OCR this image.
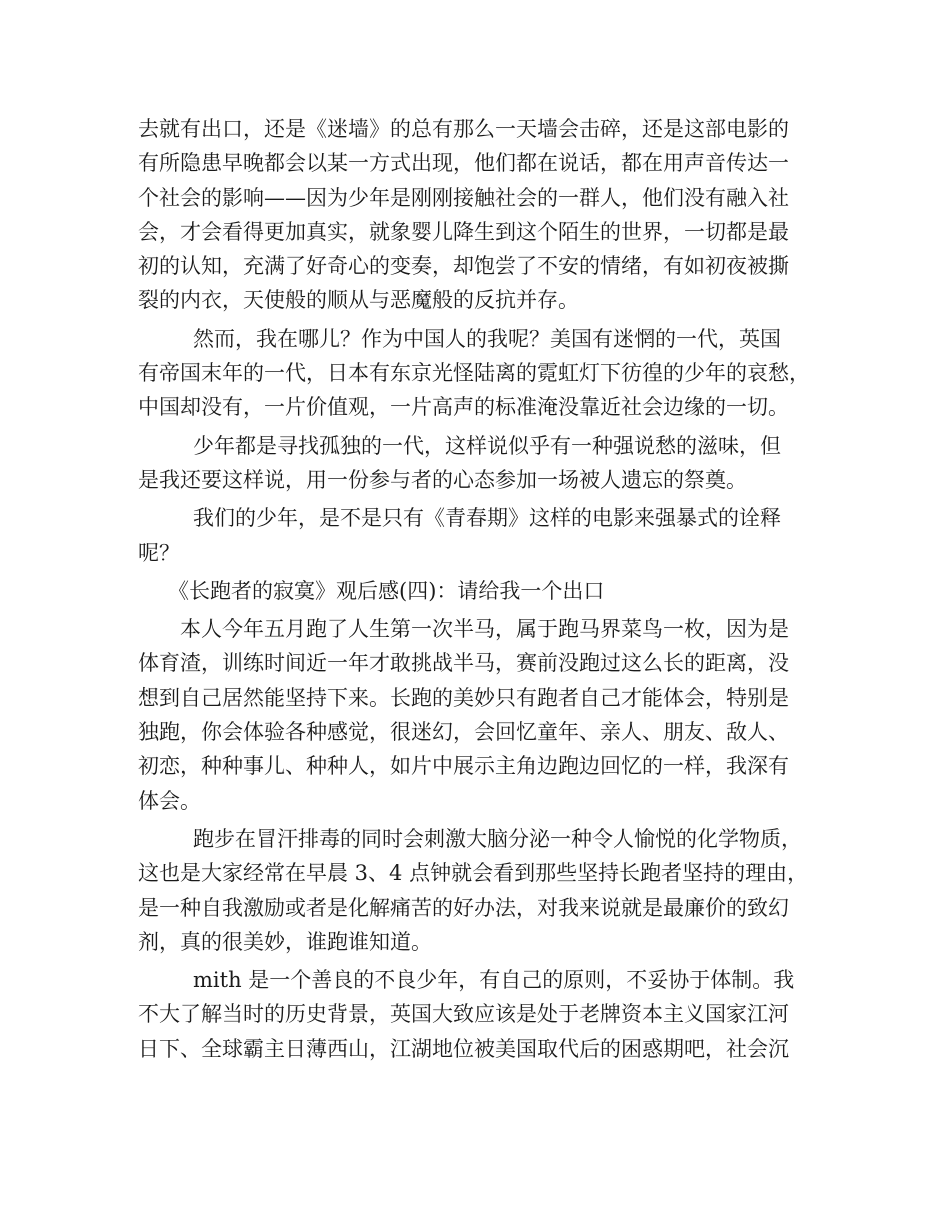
去就有出口，还是《迷墙》的总有那么一天墙会击碎，还是这部电影的
有所隐患早晚都会以某一方式出现，他们都在说话，都在用声音传达一
个社会的影响——因为少年是刚刚接触社会的一群人，他们没有融入社
会，才会看得更加真实，就象婴儿降生到这个陌生的世界，一切都是最
初的认知，充满了好奇心的变奏，却饱尝了不安的情绪，有如初夜被撕
裂的内衣，天使般的顺从与恶魔般的反抗并存。
然而，我在哪儿？作为中国人的我呢？美国有迷惘的一代，英国
有帝国末年的一代，日本有东京光怪陆离的霓虹灯下彷徨的少年的哀愁，
中国却没有，一片价值观，一片高声的标准淹没靠近社会边缘的一切。
少年都是寻找孤独的一代，这样说似乎有一种强说愁的滋味，但
是我还要这样说，用一份参与者的心态参加一场被人遗忘的祭奠。
我们的少年，是不是只有《青春期》这样的电影来强暴式的诠释
呢？
《长跑者的寂寞》观后感(四)：请给我一个出口
本人今年五月跑了人生第一次半马，属于跑马界菜鸟一枚，因为是
体育渣，训练时间近一年才敢挑战半马，赛前没跑过这么长的距离，没
想到自己居然能坚持下来。长跑的美妙只有跑者自己才能体会，特别是
独跑，你会体验各种感觉，很迷幻，会回忆童年、亲人、朋友、敌人、
初恋，种种事儿、种种人，如片中展示主角边跑边回忆的一样，我深有
体会。
跑步在冒汗排毒的同时会刺激大脑分泌一种令人愉悦的化学物质，
这也是大家经常在早晨 3、4 点钟就会看到那些坚持长跑者坚持的理由，
是一种自我激励或者是化解痛苦的好办法，对我来说就是最廉价的致幻
剂，真的很美妙，谁跑谁知道。
mith 是一个善良的不良少年，有自己的原则，不妥协于体制。我
不大了解当时的历史背景，英国大致应该是处于老牌资本主义国家江河
日下、全球霸主日薄西山，江湖地位被美国取代后的困惑期吧，社会沉
